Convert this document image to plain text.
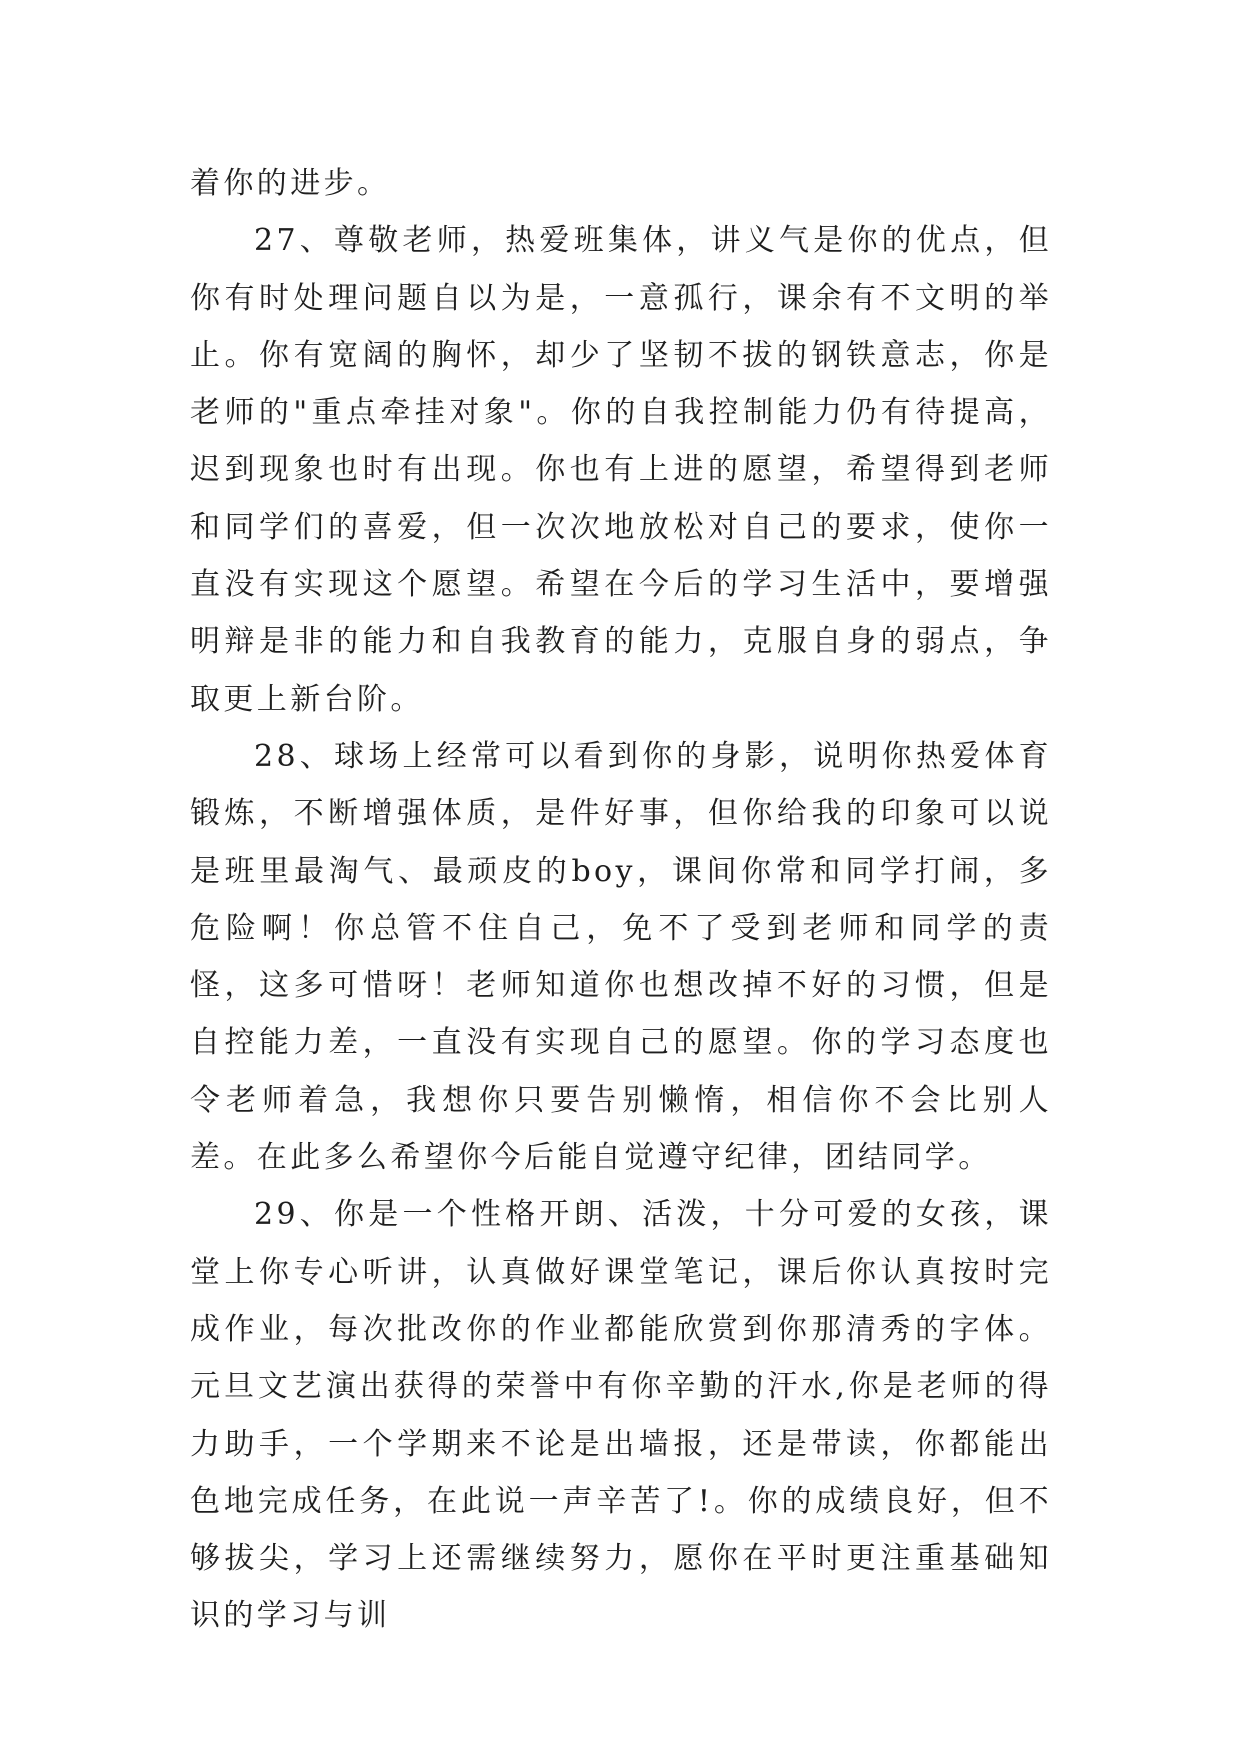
着你的进步。

27、尊敬老师，热爱班集体，讲义气是你的优点，但你有时处理问题自以为是，一意孤行，课余有不文明的举止。你有宽阔的胸怀，却少了坚韧不拔的钢铁意志，你是老师的"重点牵挂对象"。你的自我控制能力仍有待提高，迟到现象也时有出现。你也有上进的愿望，希望得到老师和同学们的喜爱，但一次次地放松对自己的要求，使你一直没有实现这个愿望。希望在今后的学习生活中，要增强明辩是非的能力和自我教育的能力，克服自身的弱点，争取更上新台阶。

28、球场上经常可以看到你的身影，说明你热爱体育锻炼，不断增强体质，是件好事，但你给我的印象可以说是班里最淘气、最顽皮的boy，课间你常和同学打闹，多危险啊！你总管不住自己，免不了受到老师和同学的责怪，这多可惜呀！老师知道你也想改掉不好的习惯，但是自控能力差，一直没有实现自己的愿望。你的学习态度也令老师着急，我想你只要告别懒惰，相信你不会比别人差。在此多么希望你今后能自觉遵守纪律，团结同学。

29、你是一个性格开朗、活泼，十分可爱的女孩，课堂上你专心听讲，认真做好课堂笔记，课后你认真按时完成作业，每次批改你的作业都能欣赏到你那清秀的字体。元旦文艺演出获得的荣誉中有你辛勤的汗水,你是老师的得力助手，一个学期来不论是出墙报，还是带读，你都能出色地完成任务，在此说一声辛苦了!。你的成绩良好，但不够拔尖，学习上还需继续努力，愿你在平时更注重基础知识的学习与训
